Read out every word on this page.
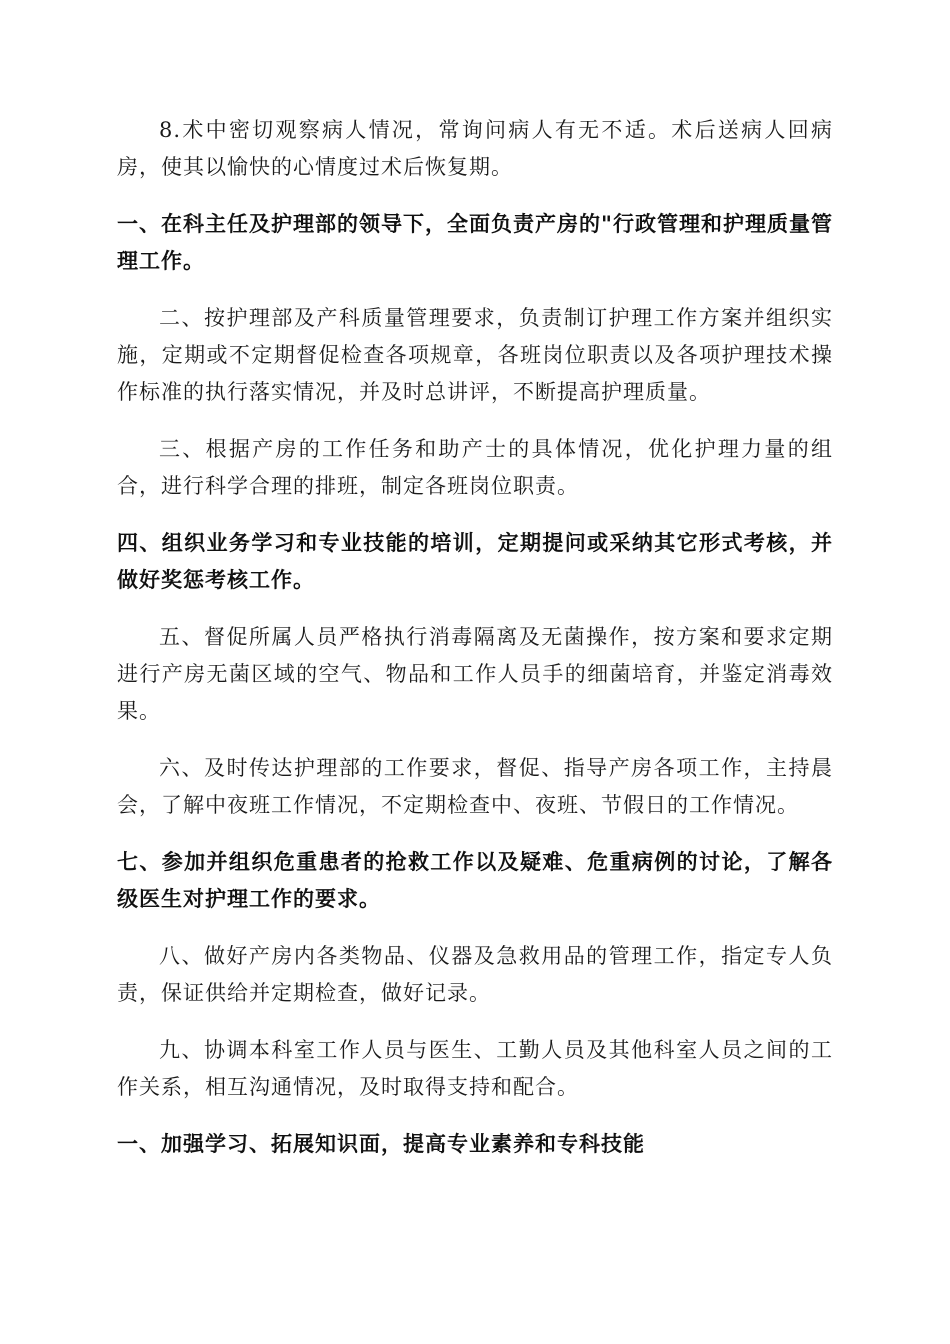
8.术中密切观察病人情况，常询问病人有无不适。术后送病人回病房，使其以愉快的心情度过术后恢复期。

一、在科主任及护理部的领导下，全面负责产房的"行政管理和护理质量管理工作。

二、按护理部及产科质量管理要求，负责制订护理工作方案并组织实施，定期或不定期督促检查各项规章，各班岗位职责以及各项护理技术操作标准的执行落实情况，并及时总讲评，不断提高护理质量。

三、根据产房的工作任务和助产士的具体情况，优化护理力量的组合，进行科学合理的排班，制定各班岗位职责。

四、组织业务学习和专业技能的培训，定期提问或采纳其它形式考核，并做好奖惩考核工作。

五、督促所属人员严格执行消毒隔离及无菌操作，按方案和要求定期进行产房无菌区域的空气、物品和工作人员手的细菌培育，并鉴定消毒效果。

六、及时传达护理部的工作要求，督促、指导产房各项工作，主持晨会，了解中夜班工作情况，不定期检查中、夜班、节假日的工作情况。

七、参加并组织危重患者的抢救工作以及疑难、危重病例的讨论，了解各级医生对护理工作的要求。

八、做好产房内各类物品、仪器及急救用品的管理工作，指定专人负责，保证供给并定期检查，做好记录。

九、协调本科室工作人员与医生、工勤人员及其他科室人员之间的工作关系，相互沟通情况，及时取得支持和配合。

一、加强学习、拓展知识面，提高专业素养和专科技能
